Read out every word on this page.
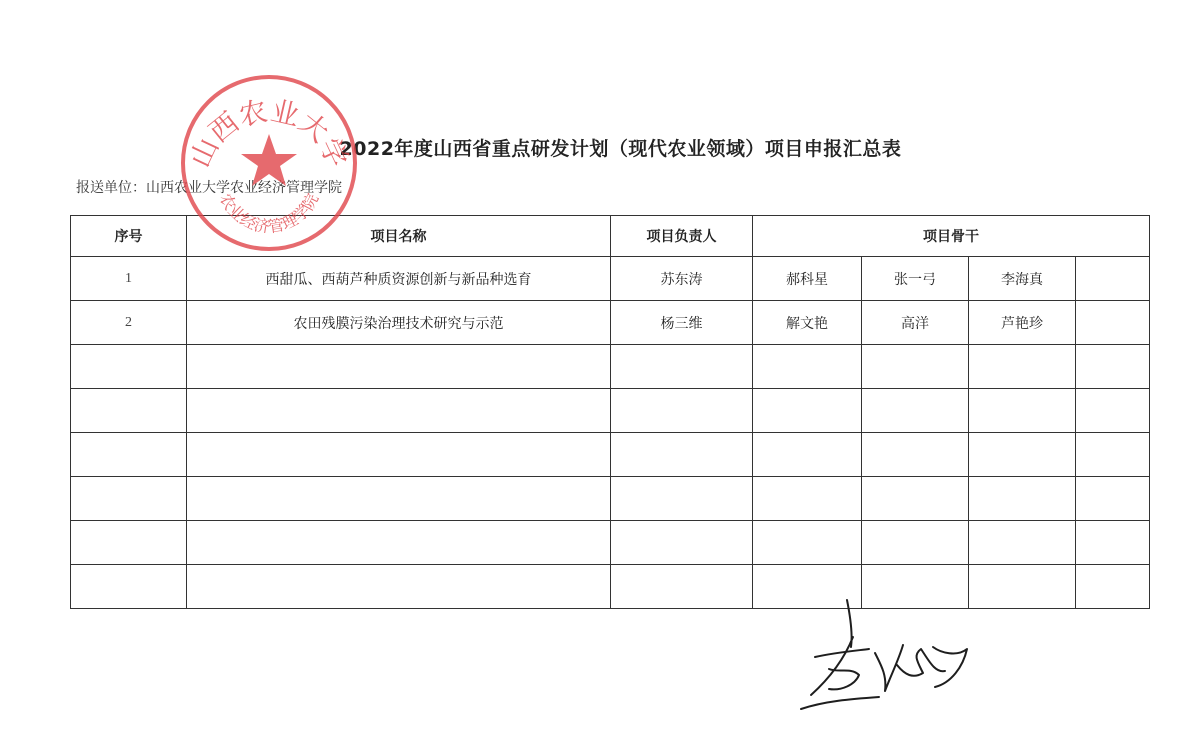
2022年度山西省重点研发计划（现代农业领域）项目申报汇总表
报送单位：山西农业大学农业经济管理学院
序号	项目名称	项目负责人	项目骨干			
1	西甜瓜、西葫芦种质资源创新与新品种选育	苏东涛	郝科星	张一弓	李海真	
2	农田残膜污染治理技术研究与示范	杨三维	解文艳	高洋	芦艳珍	

山西农业大学
农业经济管理学院
